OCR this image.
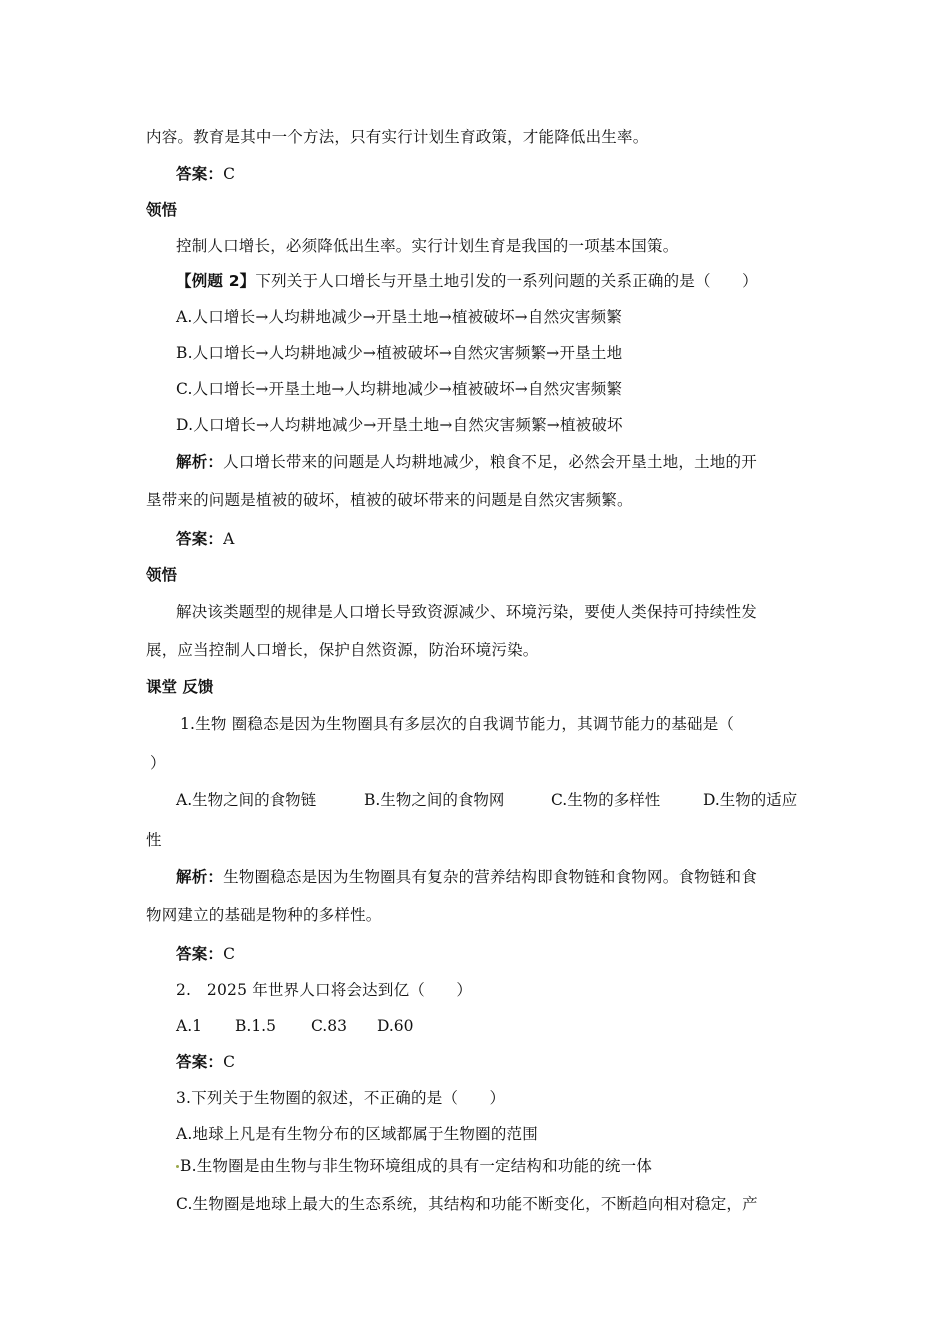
内容。教育是其中一个方法，只有实行计划生育政策，才能降低出生率。
答案：C
领悟
控制人口增长，必须降低出生率。实行计划生育是我国的一项基本国策。
【例题 2】下列关于人口增长与开垦土地引发的一系列问题的关系正确的是（　　）
A.人口增长→人均耕地减少→开垦土地→植被破坏→自然灾害频繁
B.人口增长→人均耕地减少→植被破坏→自然灾害频繁→开垦土地
C.人口增长→开垦土地→人均耕地减少→植被破坏→自然灾害频繁
D.人口增长→人均耕地减少→开垦土地→自然灾害频繁→植被破坏
解析：人口增长带来的问题是人均耕地减少，粮食不足，必然会开垦土地，土地的开
垦带来的问题是植被的破坏，植被的破坏带来的问题是自然灾害频繁。
答案：A
领悟
解决该类题型的规律是人口增长导致资源减少、环境污染，要使人类保持可持续性发
展，应当控制人口增长，保护自然资源，防治环境污染。
课堂 反馈
1.生物 圈稳态是因为生物圈具有多层次的自我调节能力，其调节能力的基础是（
）
A.生物之间的食物链	B.生物之间的食物网	C.生物的多样性	D.生物的适应
性
解析：生物圈稳态是因为生物圈具有复杂的营养结构即食物链和食物网。食物链和食
物网建立的基础是物种的多样性。
答案：C
2.　2025 年世界人口将会达到亿（　　）
A.1 B.1.5 C.83 D.60
答案：C
3.下列关于生物圈的叙述，不正确的是（　　）
A.地球上凡是有生物分布的区域都属于生物圈的范围
B.生物圈是由生物与非生物环境组成的具有一定结构和功能的统一体
C.生物圈是地球上最大的生态系统，其结构和功能不断变化，不断趋向相对稳定，产
